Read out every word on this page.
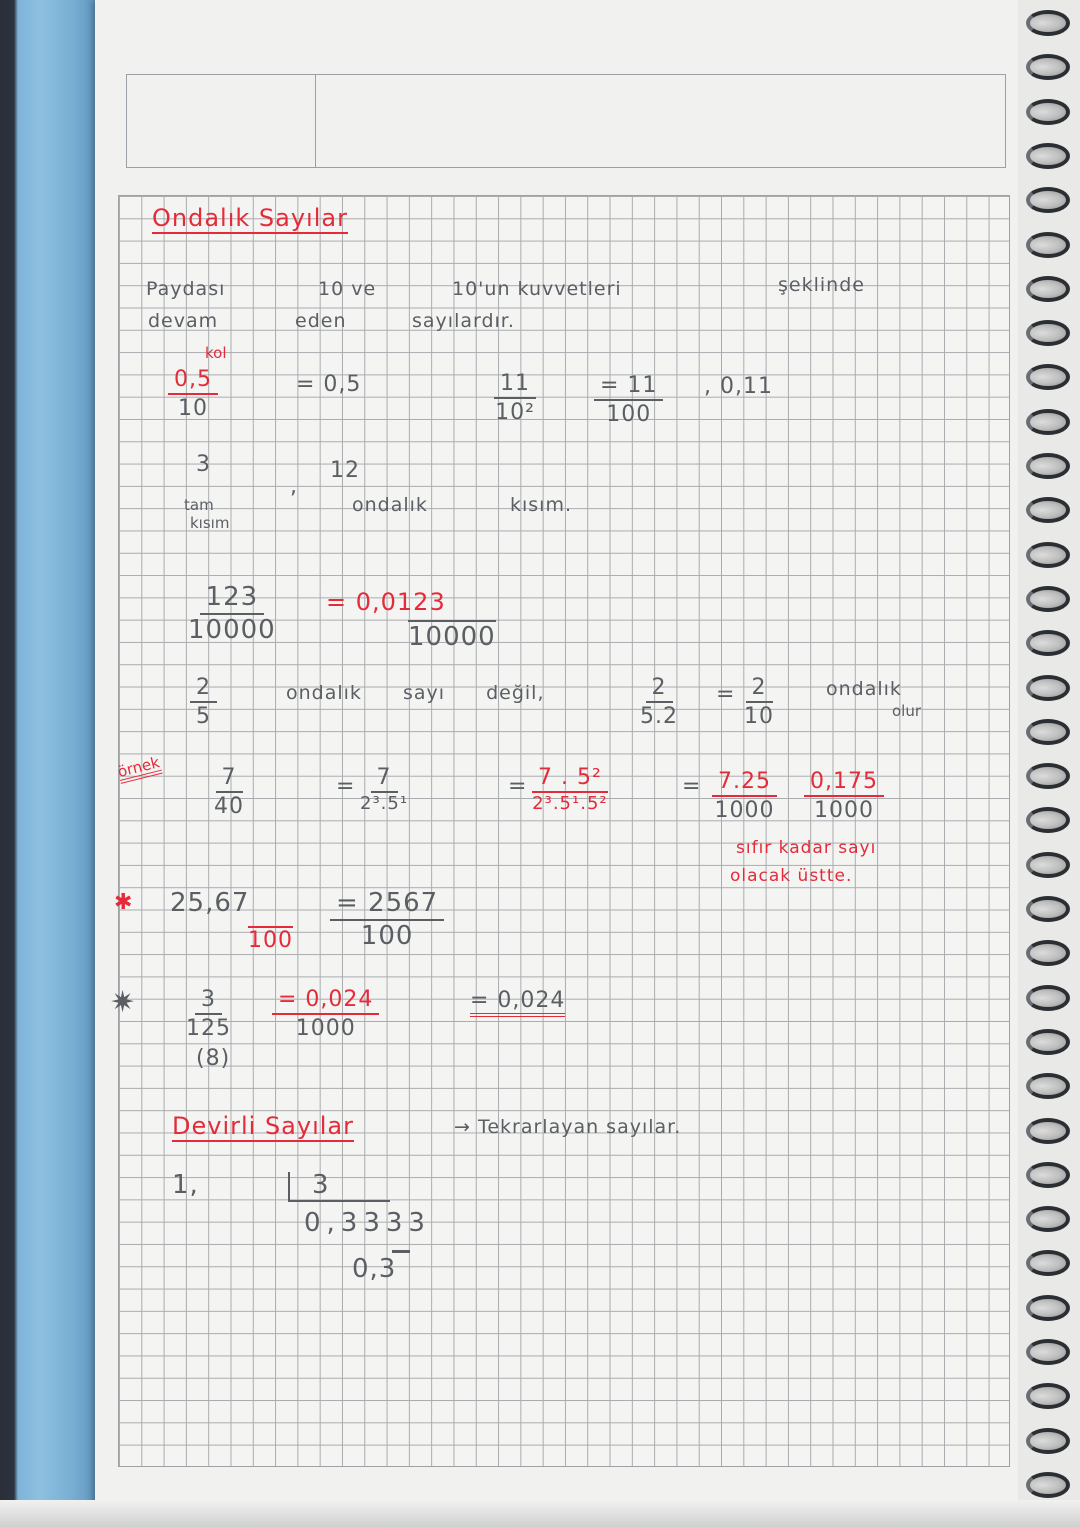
Ondalık Sayılar
Paydası	10 ve	10'un kuvvetleri	şeklinde
devam	eden	sayılardır.
kol
$\frac{0,5}{10}$	= 0,5	$\frac{11}{\text{10²}}$	$\frac{= 11}{100}$ , 0,11
3
tam
kısım
,
12
ondalık	kısım.
$\frac{123}{10000} = 0,0123$
10000
$\frac{2}{5}$	ondalık sayı değil,	$\frac{2}{5.2} = \frac{2}{10}$	ondalık
olur
örnek $\frac{7}{40}$	= 7
2³.5¹
= 7 . 5²
2³.5¹.5²
= $\frac{7.25}{1000} \frac{0,175}{1000}$
sıfır kadar sayı
olacak üstte.
✱ 25,67
$100 \frac{= 2567}{100}$
✷ $\frac{3}{125}$
(8)
$\frac{= 0,024}{1000}$	= 0,024
Devirli Sayılar	→ Tekrarlayan sayılar.
1,	3
0,3333
0,3
